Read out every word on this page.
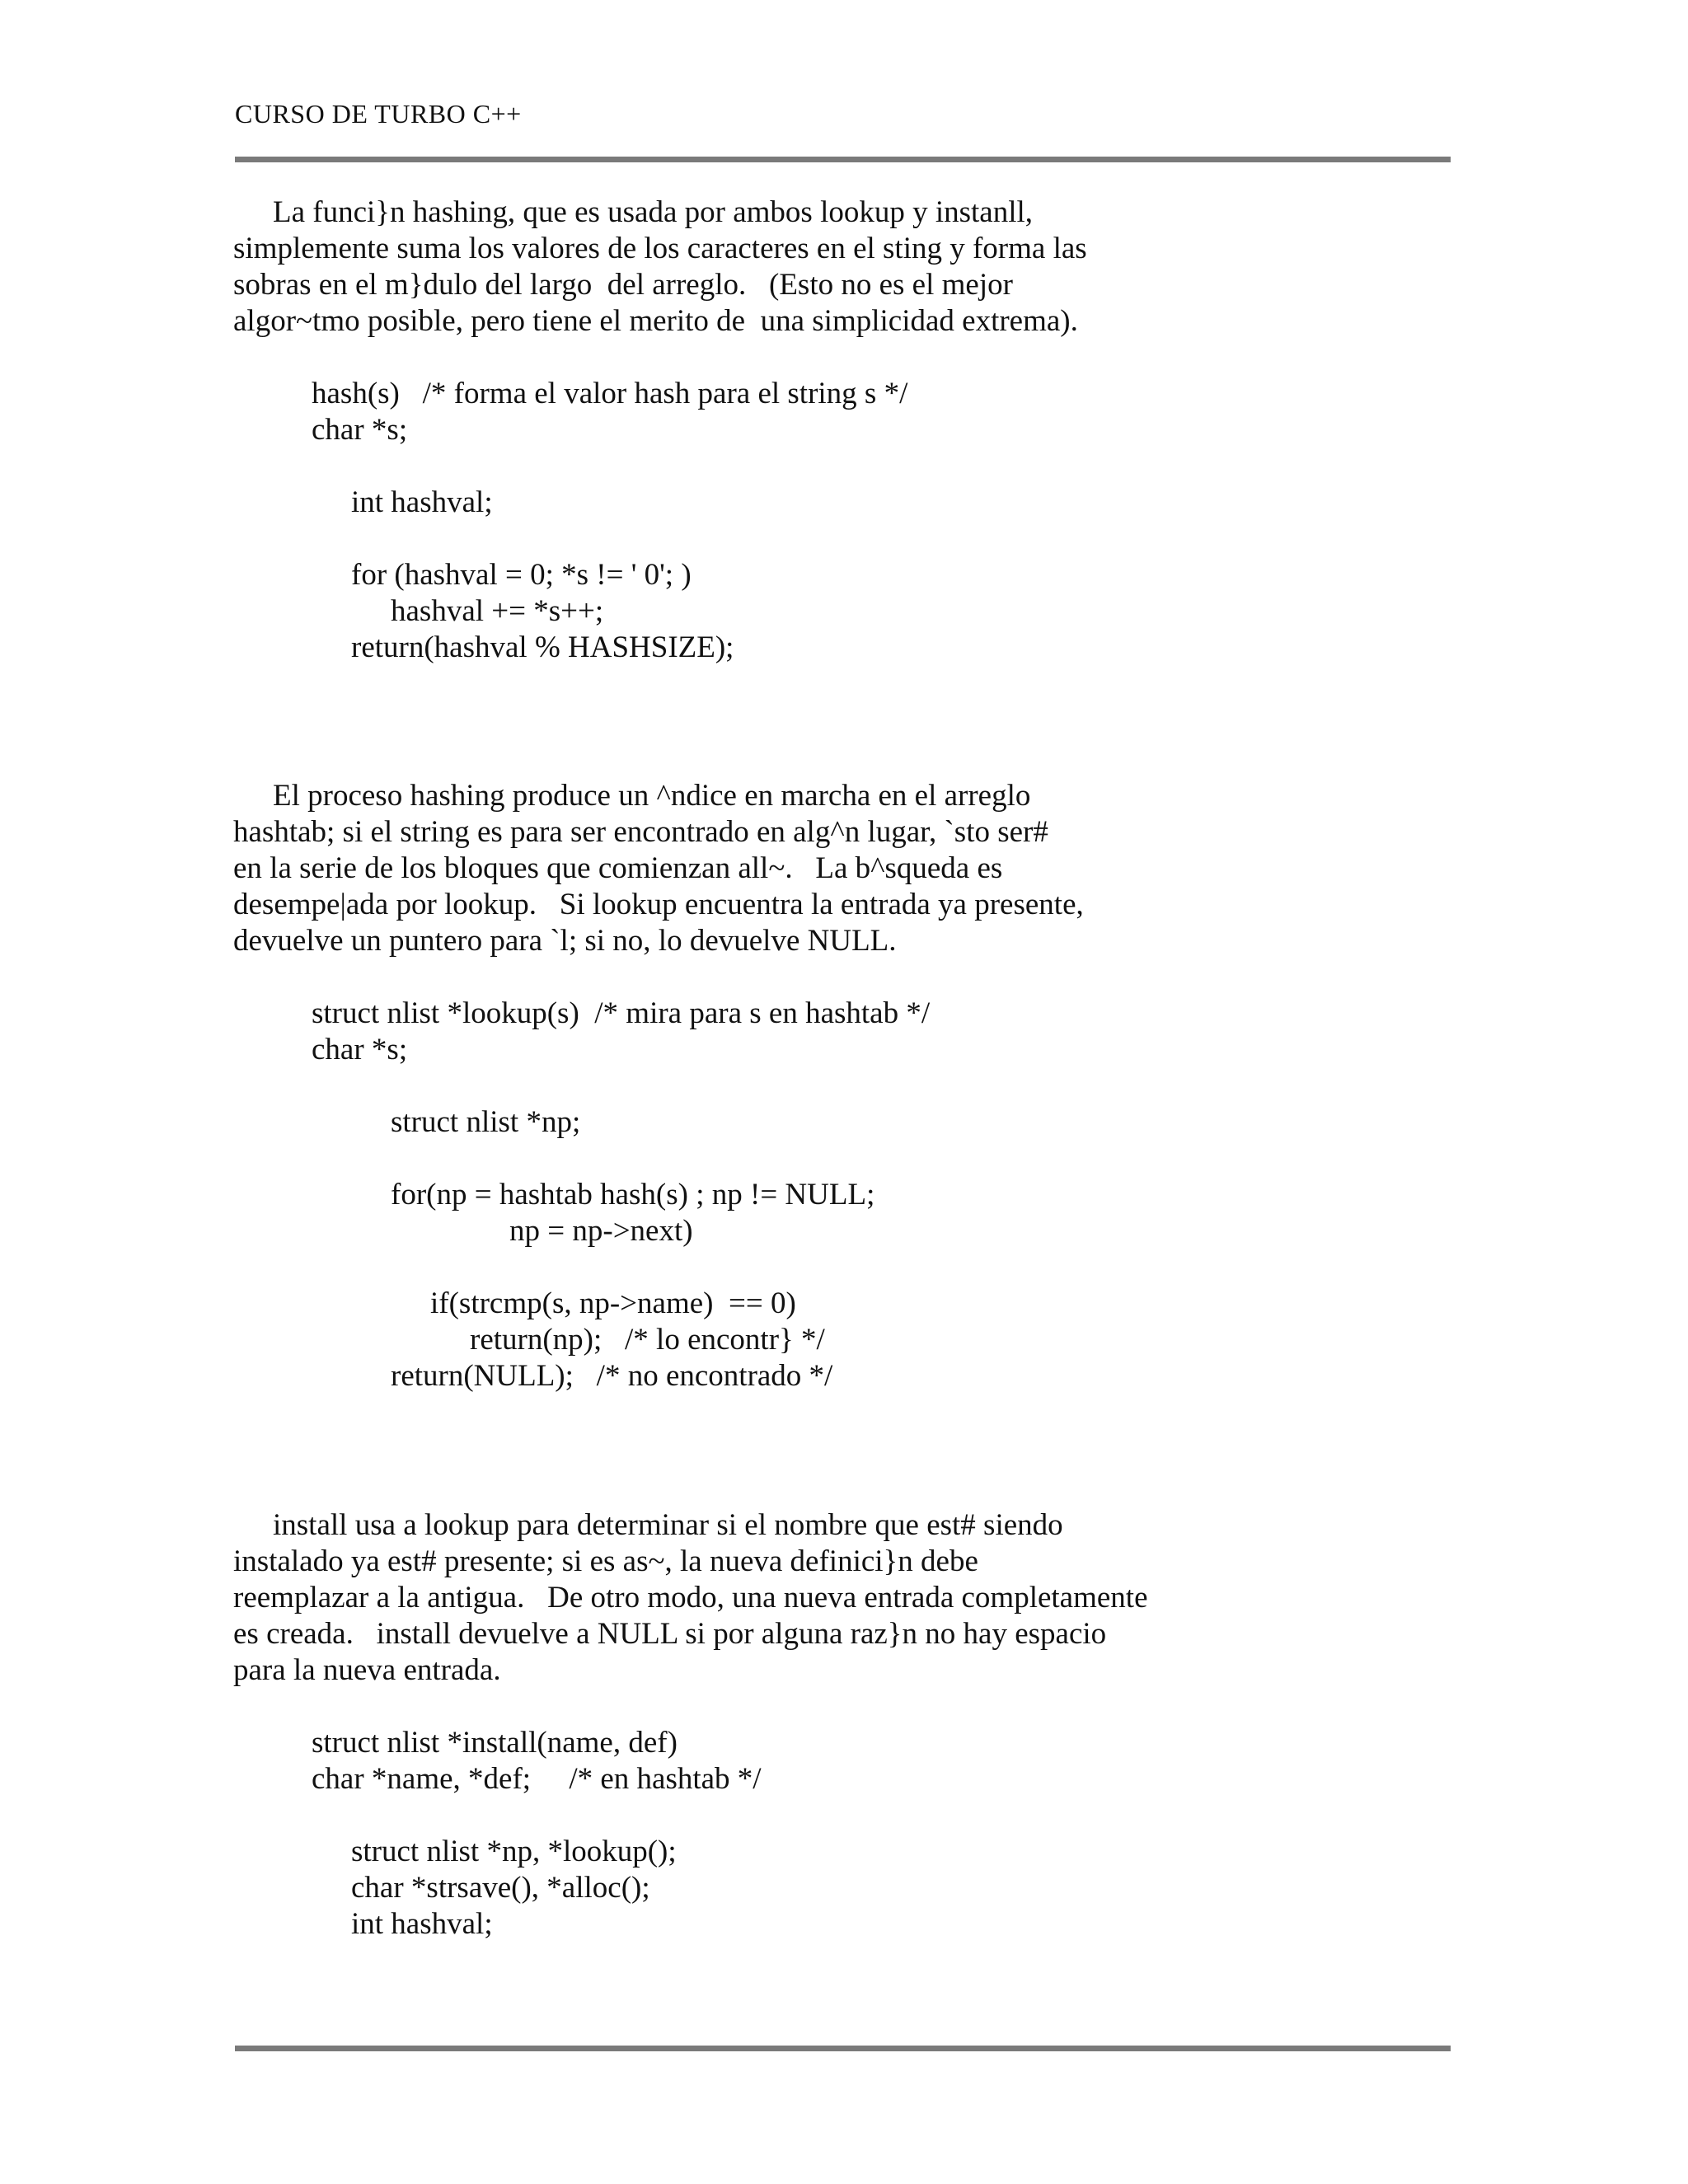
CURSO DE TURBO C++
La funci}n hashing, que es usada por ambos lookup y instanll,
simplemente suma los valores de los caracteres en el sting y forma las
sobras en el m}dulo del largo  del arreglo.   (Esto no es el mejor
algor~tmo posible, pero tiene el merito de  una simplicidad extrema).
hash(s)   /* forma el valor hash para el string s */
char *s;
int hashval;
for (hashval = 0; *s != ' 0'; )
hashval += *s++;
return(hashval % HASHSIZE);
El proceso hashing produce un ^ndice en marcha en el arreglo
hashtab; si el string es para ser encontrado en alg^n lugar, `sto ser#
en la serie de los bloques que comienzan all~.   La b^squeda es
desempe|ada por lookup.   Si lookup encuentra la entrada ya presente,
devuelve un puntero para `l; si no, lo devuelve NULL.
struct nlist *lookup(s)  /* mira para s en hashtab */
char *s;
struct nlist *np;
for(np = hashtab hash(s) ; np != NULL;
np = np->next)
if(strcmp(s, np->name)  == 0)
return(np);   /* lo encontr} */
return(NULL);   /* no encontrado */
install usa a lookup para determinar si el nombre que est# siendo
instalado ya est# presente; si es as~, la nueva definici}n debe
reemplazar a la antigua.   De otro modo, una nueva entrada completamente
es creada.   install devuelve a NULL si por alguna raz}n no hay espacio
para la nueva entrada.
struct nlist *install(name, def)
char *name, *def;     /* en hashtab */
struct nlist *np, *lookup();
char *strsave(), *alloc();
int hashval;
